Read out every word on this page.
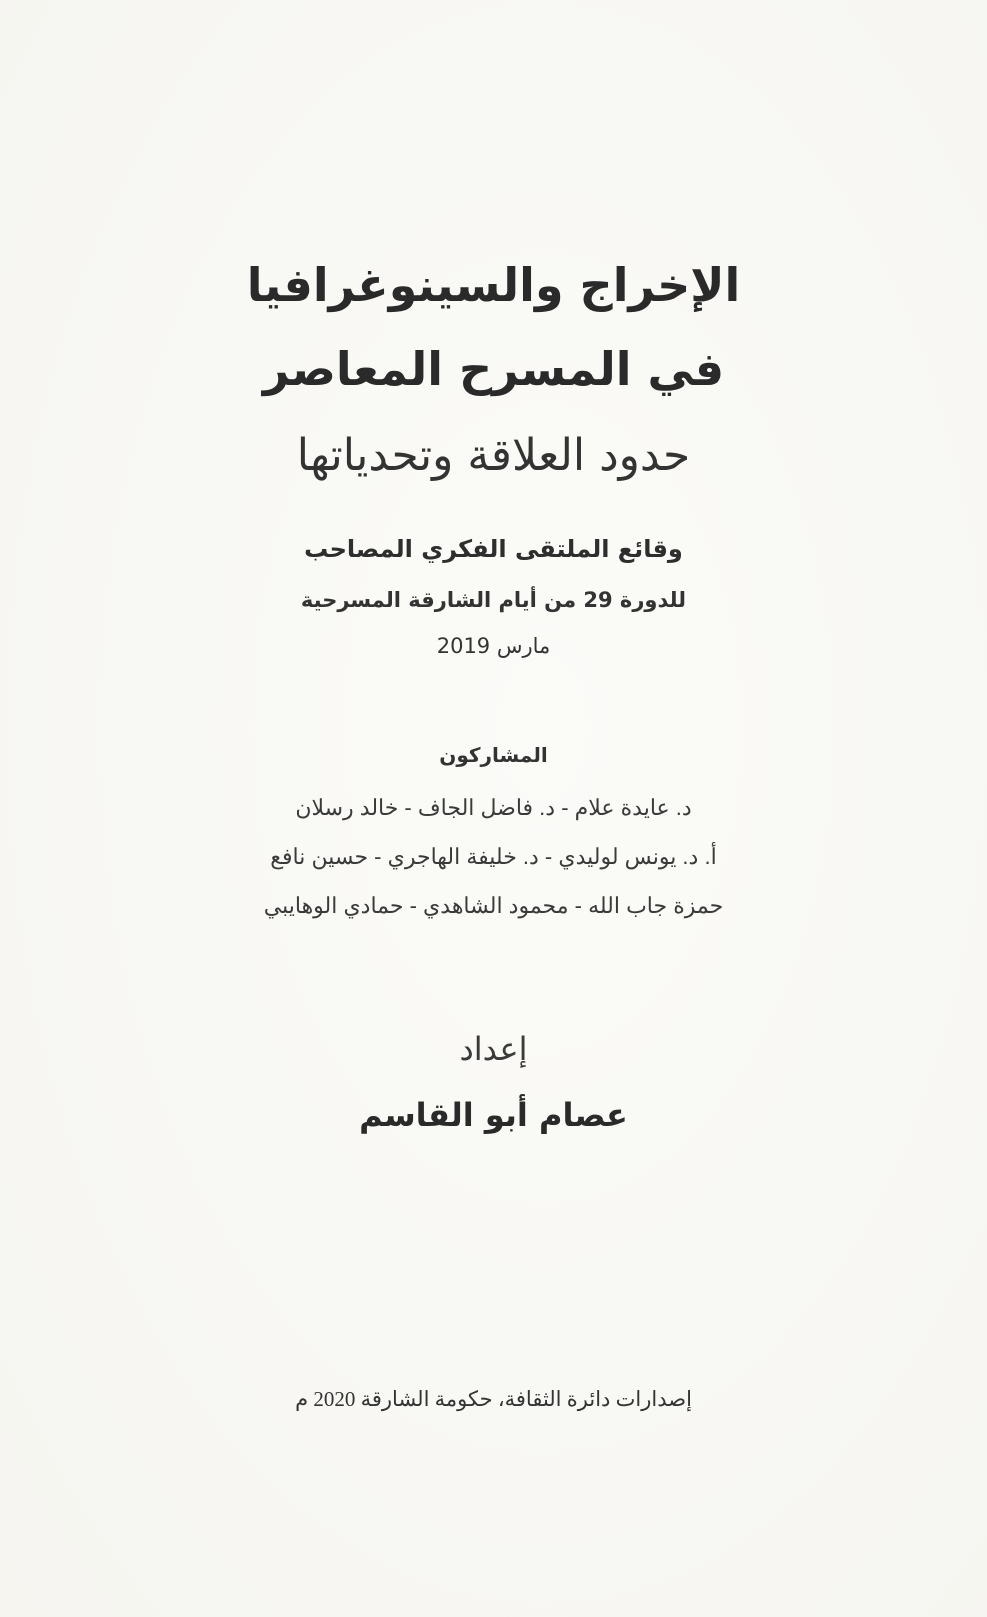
الإخراج والسينوغرافيا
في المسرح المعاصر
حدود العلاقة وتحدياتها
وقائع الملتقى الفكري المصاحب
للدورة 29 من أيام الشارقة المسرحية
مارس 2019
المشاركون
د. عايدة علام - د. فاضل الجاف - خالد رسلان
أ. د. يونس لوليدي - د. خليفة الهاجري - حسين نافع
حمزة جاب الله - محمود الشاهدي - حمادي الوهايبي
إعداد
عصام أبو القاسم
إصدارات دائرة الثقافة، حكومة الشارقة 2020 م
